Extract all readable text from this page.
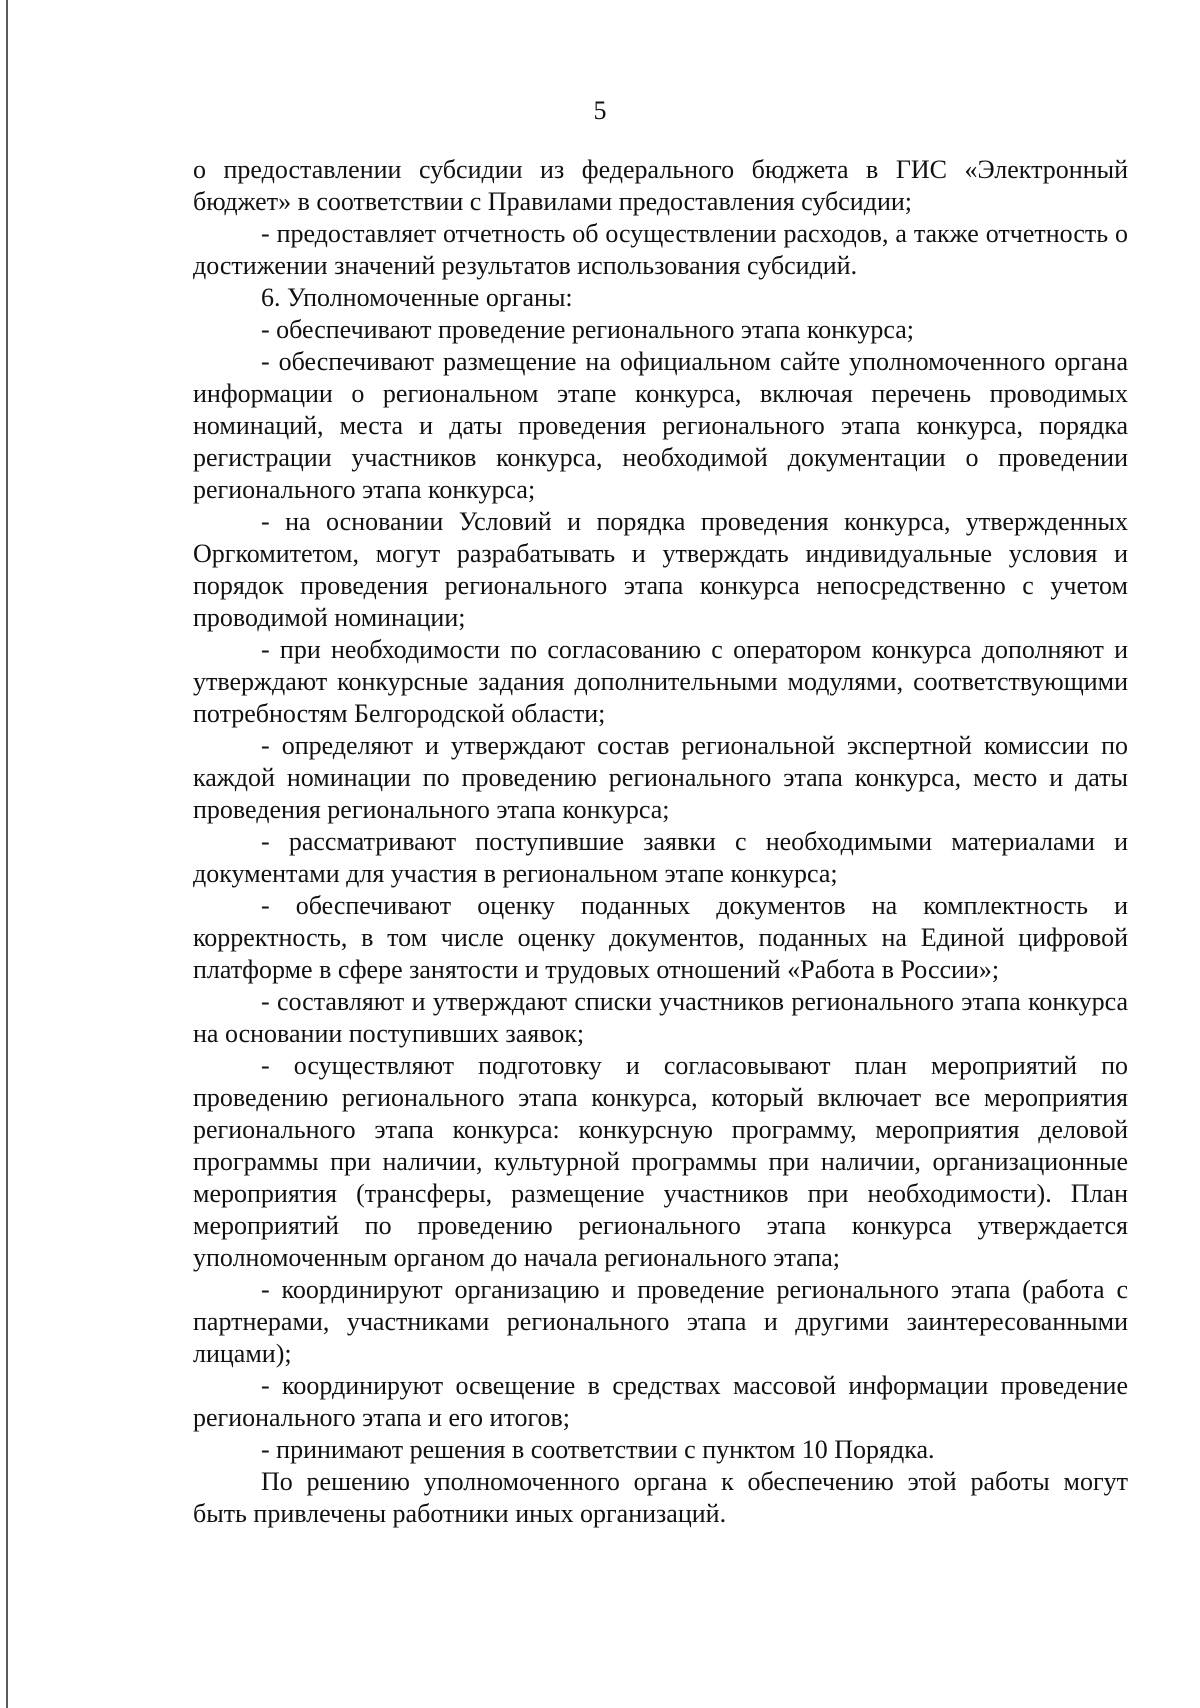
5

о предоставлении субсидии из федерального бюджета в ГИС «Электронный бюджет» в соответствии с Правилами предоставления субсидии;

- предоставляет отчетность об осуществлении расходов, а также отчетность о достижении значений результатов использования субсидий.

6. Уполномоченные органы:

- обеспечивают проведение регионального этапа конкурса;

- обеспечивают размещение на официальном сайте уполномоченного органа информации о региональном этапе конкурса, включая перечень проводимых номинаций, места и даты проведения регионального этапа конкурса, порядка регистрации участников конкурса, необходимой документации о проведении регионального этапа конкурса;

- на основании Условий и порядка проведения конкурса, утвержденных Оргкомитетом, могут разрабатывать и утверждать индивидуальные условия и порядок проведения регионального этапа конкурса непосредственно с учетом проводимой номинации;

- при необходимости по согласованию с оператором конкурса дополняют и утверждают конкурсные задания дополнительными модулями, соответствующими потребностям Белгородской области;

- определяют и утверждают состав региональной экспертной комиссии по каждой номинации по проведению регионального этапа конкурса, место и даты проведения регионального этапа конкурса;

- рассматривают поступившие заявки с необходимыми материалами и документами для участия в региональном этапе конкурса;

- обеспечивают оценку поданных документов на комплектность и корректность, в том числе оценку документов, поданных на Единой цифровой платформе в сфере занятости и трудовых отношений «Работа в России»;

- составляют и утверждают списки участников регионального этапа конкурса на основании поступивших заявок;

- осуществляют подготовку и согласовывают план мероприятий по проведению регионального этапа конкурса, который включает все мероприятия регионального этапа конкурса: конкурсную программу, мероприятия деловой программы при наличии, культурной программы при наличии, организационные мероприятия (трансферы, размещение участников при необходимости). План мероприятий по проведению регионального этапа конкурса утверждается уполномоченным органом до начала регионального этапа;

- координируют организацию и проведение регионального этапа (работа с партнерами, участниками регионального этапа и другими заинтересованными лицами);

- координируют освещение в средствах массовой информации проведение регионального этапа и его итогов;

- принимают решения в соответствии с пунктом 10 Порядка.

По решению уполномоченного органа к обеспечению этой работы могут быть привлечены работники иных организаций.
